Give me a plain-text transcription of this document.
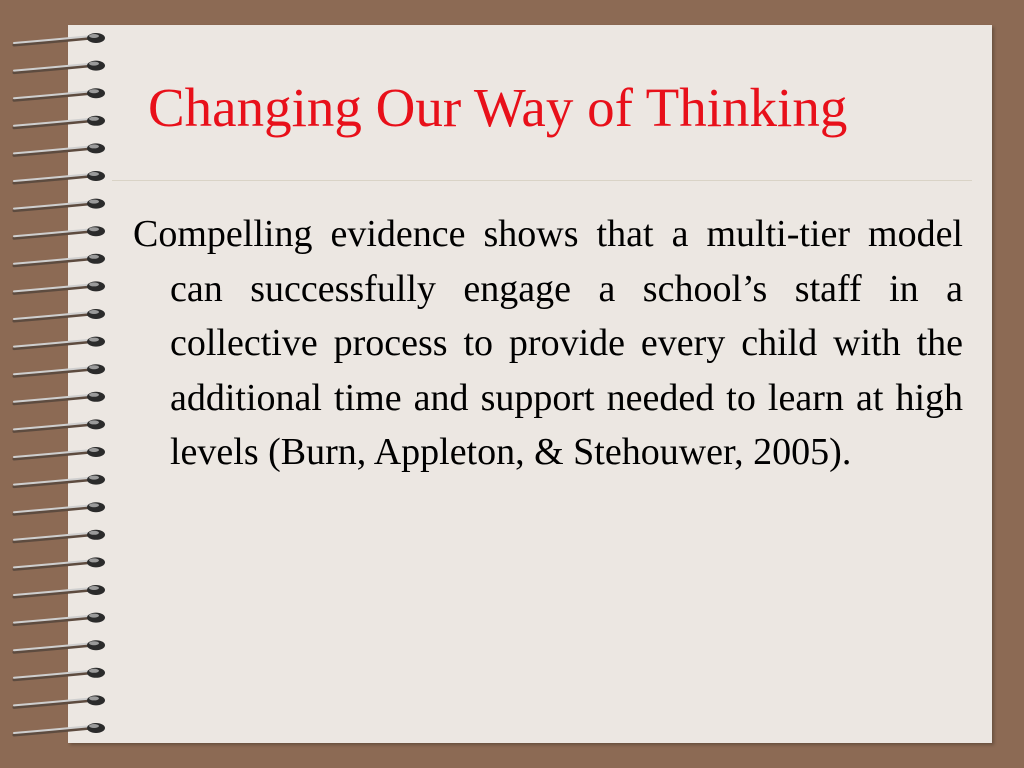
Changing Our Way of Thinking

Compelling evidence shows that a multi-tier model can successfully engage a school’s staff in a collective process to provide every child with the additional time and support needed to learn at high levels (Burn, Appleton, & Stehouwer, 2005).
